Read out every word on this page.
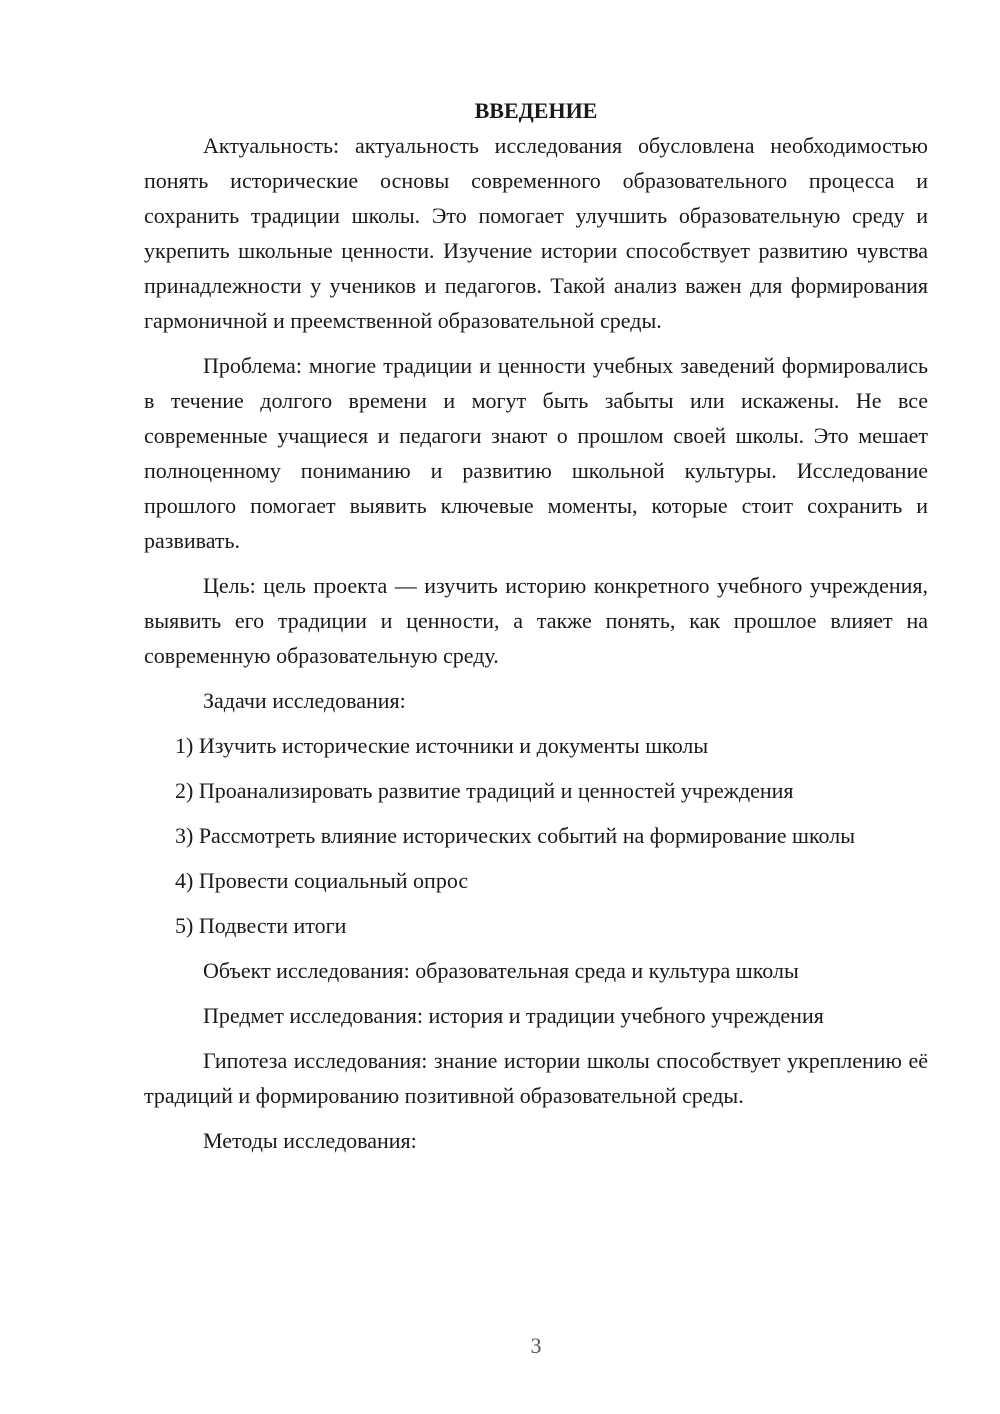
ВВЕДЕНИЕ

Актуальность: актуальность исследования обусловлена необходимостью понять исторические основы современного образовательного процесса и сохранить традиции школы. Это помогает улучшить образовательную среду и укрепить школьные ценности. Изучение истории способствует развитию чувства принадлежности у учеников и педагогов. Такой анализ важен для формирования гармоничной и преемственной образовательной среды.

Проблема: многие традиции и ценности учебных заведений формировались в течение долгого времени и могут быть забыты или искажены. Не все современные учащиеся и педагоги знают о прошлом своей школы. Это мешает полноценному пониманию и развитию школьной культуры. Исследование прошлого помогает выявить ключевые моменты, которые стоит сохранить и развивать.

Цель: цель проекта — изучить историю конкретного учебного учреждения, выявить его традиции и ценности, а также понять, как прошлое влияет на современную образовательную среду.

Задачи исследования:

1) Изучить исторические источники и документы школы

2) Проанализировать развитие традиций и ценностей учреждения

3) Рассмотреть влияние исторических событий на формирование школы

4) Провести социальный опрос

5) Подвести итоги

Объект исследования: образовательная среда и культура школы

Предмет исследования: история и традиции учебного учреждения

Гипотеза исследования: знание истории школы способствует укреплению её традиций и формированию позитивной образовательной среды.

Методы исследования:

3
